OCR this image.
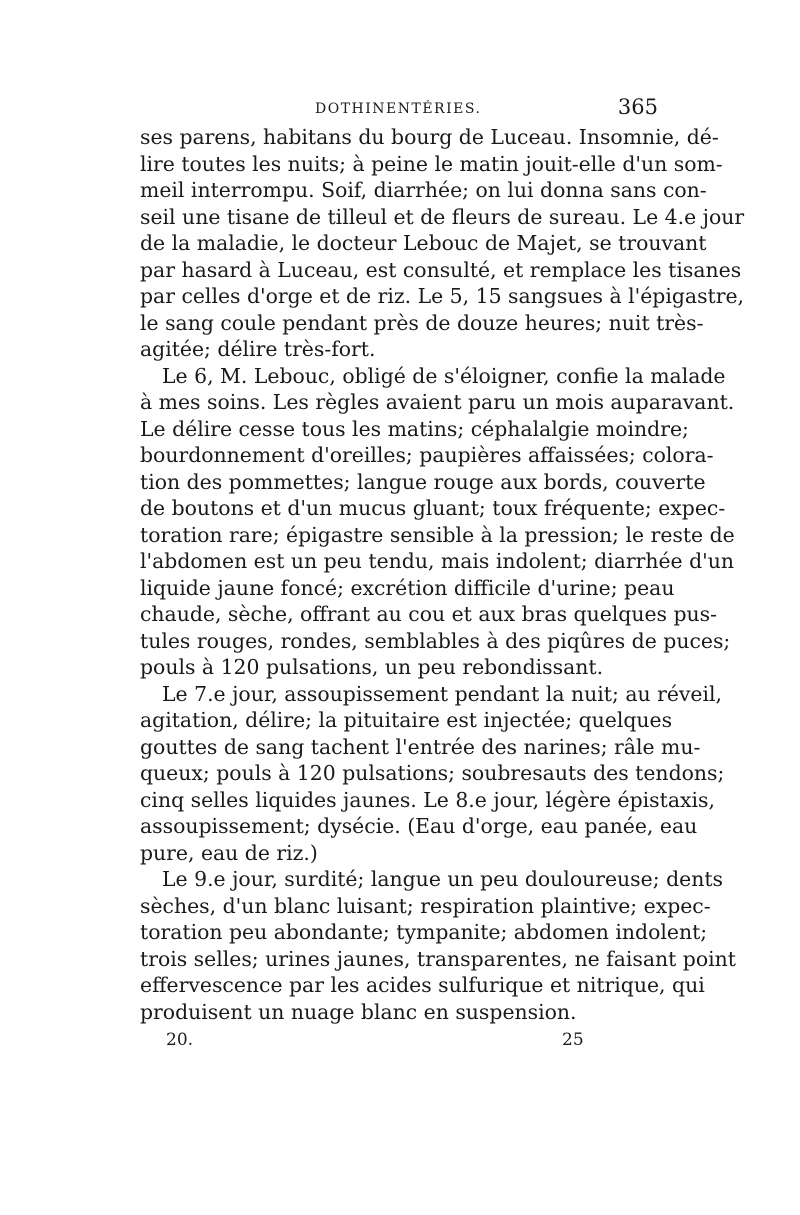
DOTHINENTÉRIES.	365
ses parens, habitans du bourg de Luceau. Insomnie, dé-
lire toutes les nuits; à peine le matin jouit-elle d'un som-
meil interrompu. Soif, diarrhée; on lui donna sans con-
seil une tisane de tilleul et de fleurs de sureau. Le 4.e jour
de la maladie, le docteur Lebouc de Majet, se trouvant
par hasard à Luceau, est consulté, et remplace les tisanes
par celles d'orge et de riz. Le 5, 15 sangsues à l'épigastre,
le sang coule pendant près de douze heures; nuit très-
agitée; délire très-fort.
Le 6, M. Lebouc, obligé de s'éloigner, confie la malade
à mes soins. Les règles avaient paru un mois auparavant.
Le délire cesse tous les matins; céphalalgie moindre;
bourdonnement d'oreilles; paupières affaissées; colora-
tion des pommettes; langue rouge aux bords, couverte
de boutons et d'un mucus gluant; toux fréquente; expec-
toration rare; épigastre sensible à la pression; le reste de
l'abdomen est un peu tendu, mais indolent; diarrhée d'un
liquide jaune foncé; excrétion difficile d'urine; peau
chaude, sèche, offrant au cou et aux bras quelques pus-
tules rouges, rondes, semblables à des piqûres de puces;
pouls à 120 pulsations, un peu rebondissant.
Le 7.e jour, assoupissement pendant la nuit; au réveil,
agitation, délire; la pituitaire est injectée; quelques
gouttes de sang tachent l'entrée des narines; râle mu-
queux; pouls à 120 pulsations; soubresauts des tendons;
cinq selles liquides jaunes. Le 8.e jour, légère épistaxis,
assoupissement; dysécie. (Eau d'orge, eau panée, eau
pure, eau de riz.)
Le 9.e jour, surdité; langue un peu douloureuse; dents
sèches, d'un blanc luisant; respiration plaintive; expec-
toration peu abondante; tympanite; abdomen indolent;
trois selles; urines jaunes, transparentes, ne faisant point
effervescence par les acides sulfurique et nitrique, qui
produisent un nuage blanc en suspension.
20.	25
